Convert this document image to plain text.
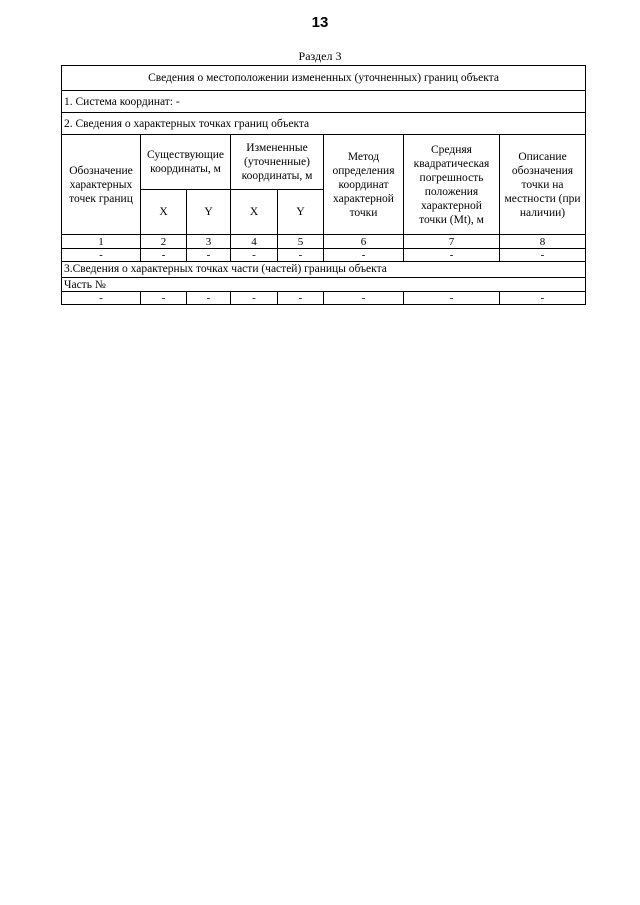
13
Раздел 3
Сведения о местоположении измененных (уточненных) границ объекта							
1. Система координат: -							
2. Сведения о характерных точках границ объекта							
Обозначение характерных точек границ	Существующие координаты, м		Измененные (уточненные) координаты, м		Метод определения координат характерной точки	Средняя квадратическая погрешность положения характерной точки (Mt), м	Описание обозначения точки на местности (при наличии)
	X	Y	X	Y			
1	2	3	4	5	6	7	8
-	-	-	-	-	-	-	-
3.Сведения о характерных точках части (частей) границы объекта							
Часть №							
-	-	-	-	-	-	-	-
